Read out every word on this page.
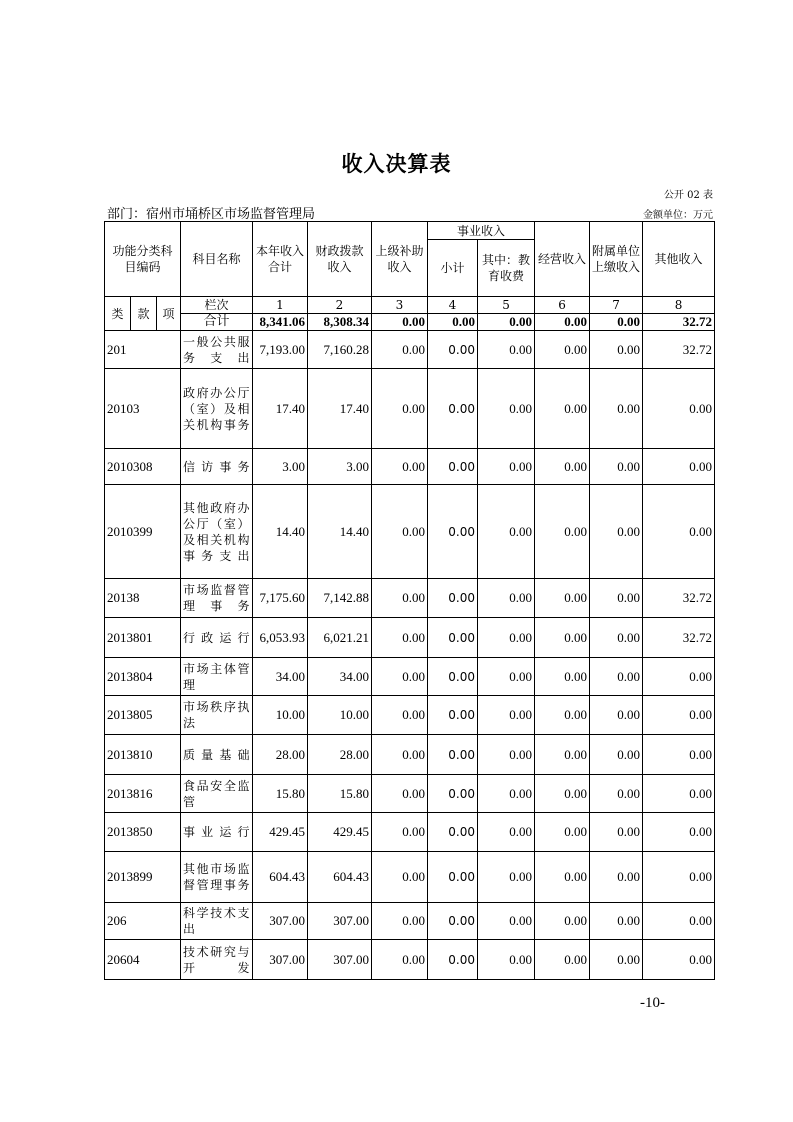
收入决算表
公开 02 表
部门：宿州市埇桥区市场监督管理局	金额单位：万元
功能分类科目编码			科目名称	本年收入合计	财政拨款收入	上级补助收入	事业收入		经营收入	附属单位上缴收入	其他收入
							小计	其中：教育收费			
类	款	项	栏次	1	2	3	4	5	6	7	8
			合计	8,341.06	8,308.34	0.00	0.00	0.00	0.00	0.00	32.72
201			一般公共服务支出	7,193.00	7,160.28	0.00	0.00	0.00	0.00	0.00	32.72
20103			政府办公厅（室）及相关机构事务	17.40	17.40	0.00	0.00	0.00	0.00	0.00	0.00
2010308			信访事务	3.00	3.00	0.00	0.00	0.00	0.00	0.00	0.00
2010399			其他政府办公厅（室）及相关机构事务支出	14.40	14.40	0.00	0.00	0.00	0.00	0.00	0.00
20138			市场监督管理事务	7,175.60	7,142.88	0.00	0.00	0.00	0.00	0.00	32.72
2013801			行政运行	6,053.93	6,021.21	0.00	0.00	0.00	0.00	0.00	32.72
2013804			市场主体管理	34.00	34.00	0.00	0.00	0.00	0.00	0.00	0.00
2013805			市场秩序执法	10.00	10.00	0.00	0.00	0.00	0.00	0.00	0.00
2013810			质量基础	28.00	28.00	0.00	0.00	0.00	0.00	0.00	0.00
2013816			食品安全监管	15.80	15.80	0.00	0.00	0.00	0.00	0.00	0.00
2013850			事业运行	429.45	429.45	0.00	0.00	0.00	0.00	0.00	0.00
2013899			其他市场监督管理事务	604.43	604.43	0.00	0.00	0.00	0.00	0.00	0.00
206			科学技术支出	307.00	307.00	0.00	0.00	0.00	0.00	0.00	0.00
20604			技术研究与开发	307.00	307.00	0.00	0.00	0.00	0.00	0.00	0.00
-10-
